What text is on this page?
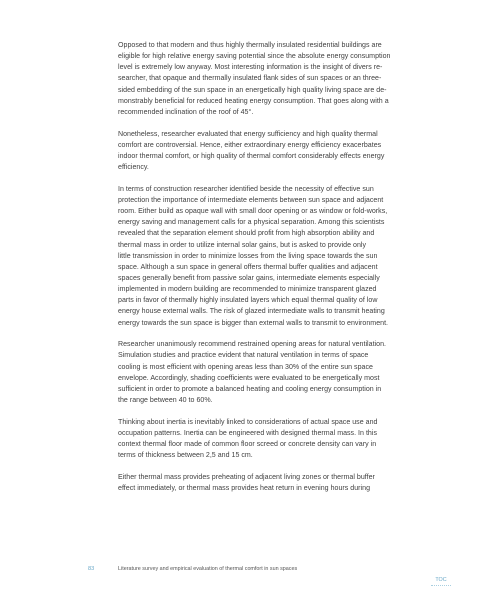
Opposed to that modern and thus highly thermally insulated residential buildings are
eligible for high relative energy saving potential since the absolute energy consumption
level is extremely low anyway. Most interesting information is the insight of divers re-
searcher, that opaque and thermally insulated flank sides of sun spaces or an three-
sided embedding of the sun space in an energetically high quality living space are de-
monstrably beneficial for reduced heating energy consumption. That goes along with a
recommended inclination of the roof of 45°.

Nonetheless, researcher evaluated that energy sufficiency and high quality thermal
comfort are controversial. Hence, either extraordinary energy efficiency exacerbates
indoor thermal comfort, or high quality of thermal comfort considerably effects energy
efficiency.

In terms of construction researcher identified beside the necessity of effective sun
protection the importance of intermediate elements between sun space and adjacent
room. Either build as opaque wall with small door opening or as window or fold-works,
energy saving and management calls for a physical separation. Among this scientists
revealed that the separation element should profit from high absorption ability and
thermal mass in order to utilize internal solar gains, but is asked to provide only
little transmission in order to minimize losses from the living space towards the sun
space. Although a sun space in general offers thermal buffer qualities and adjacent
spaces generally benefit from passive solar gains, intermediate elements especially
implemented in modern building are recommended to minimize transparent glazed
parts in favor of thermally highly insulated layers which equal thermal quality of low
energy house external walls. The risk of glazed intermediate walls to transmit heating
energy towards the sun space is bigger than external walls to transmit to environment.

Researcher unanimously recommend restrained opening areas for natural ventilation.
Simulation studies and practice evident that natural ventilation in terms of space
cooling is most efficient with opening areas less than 30% of the entire sun space
envelope. Accordingly, shading coefficients were evaluated to be energetically most
sufficient in order to promote a balanced heating and cooling energy consumption in
the range between 40 to 60%.

Thinking about inertia is inevitably linked to considerations of actual space use and
occupation patterns. Inertia can be engineered with designed thermal mass. In this
context thermal floor made of common floor screed or concrete density can vary in
terms of thickness between 2,5 and 15 cm.

Either thermal mass provides preheating of adjacent living zones or thermal buffer
effect immediately, or thermal mass provides heat return in evening hours during

83	Literature survey and empirical evaluation of thermal comfort in sun spaces
TOC
